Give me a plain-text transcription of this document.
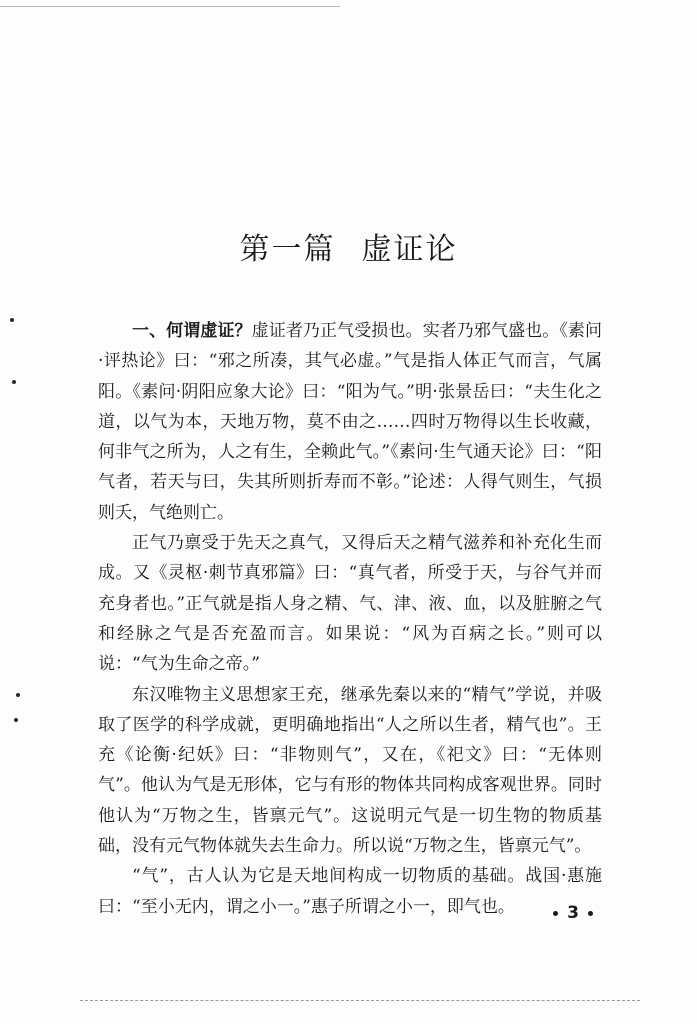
第一篇 虚证论

一、何谓虚证？虚证者乃正气受损也。实者乃邪气盛也。《素问·评热论》曰：“邪之所凑，其气必虚。”气是指人体正气而言，气属阳。《素问·阴阳应象大论》曰：“阳为气。”明·张景岳曰：“夫生化之道，以气为本，天地万物，莫不由之……四时万物得以生长收藏，何非气之所为，人之有生，全赖此气。”《素问·生气通天论》曰：“阳气者，若天与曰，失其所则折寿而不彰。”论述：人得气则生，气损则夭，气绝则亡。

正气乃禀受于先天之真气，又得后天之精气滋养和补充化生而成。又《灵枢·刺节真邪篇》曰：“真气者，所受于天，与谷气并而充身者也。”正气就是指人身之精、气、津、液、血，以及脏腑之气和经脉之气是否充盈而言。如果说：“风为百病之长。”则可以说：“气为生命之帝。”

东汉唯物主义思想家王充，继承先秦以来的“精气”学说，并吸取了医学的科学成就，更明确地指出“人之所以生者，精气也”。王充《论衡·纪妖》曰：“非物则气”，又在，《祀文》曰：“无体则气”。他认为气是无形体，它与有形的物体共同构成客观世界。同时他认为“万物之生，皆禀元气”。这说明元气是一切生物的物质基础，没有元气物体就失去生命力。所以说“万物之生，皆禀元气”。

“气”，古人认为它是天地间构成一切物质的基础。战国·惠施曰：“至小无内，谓之小一。”惠子所谓之小一，即气也。	3
